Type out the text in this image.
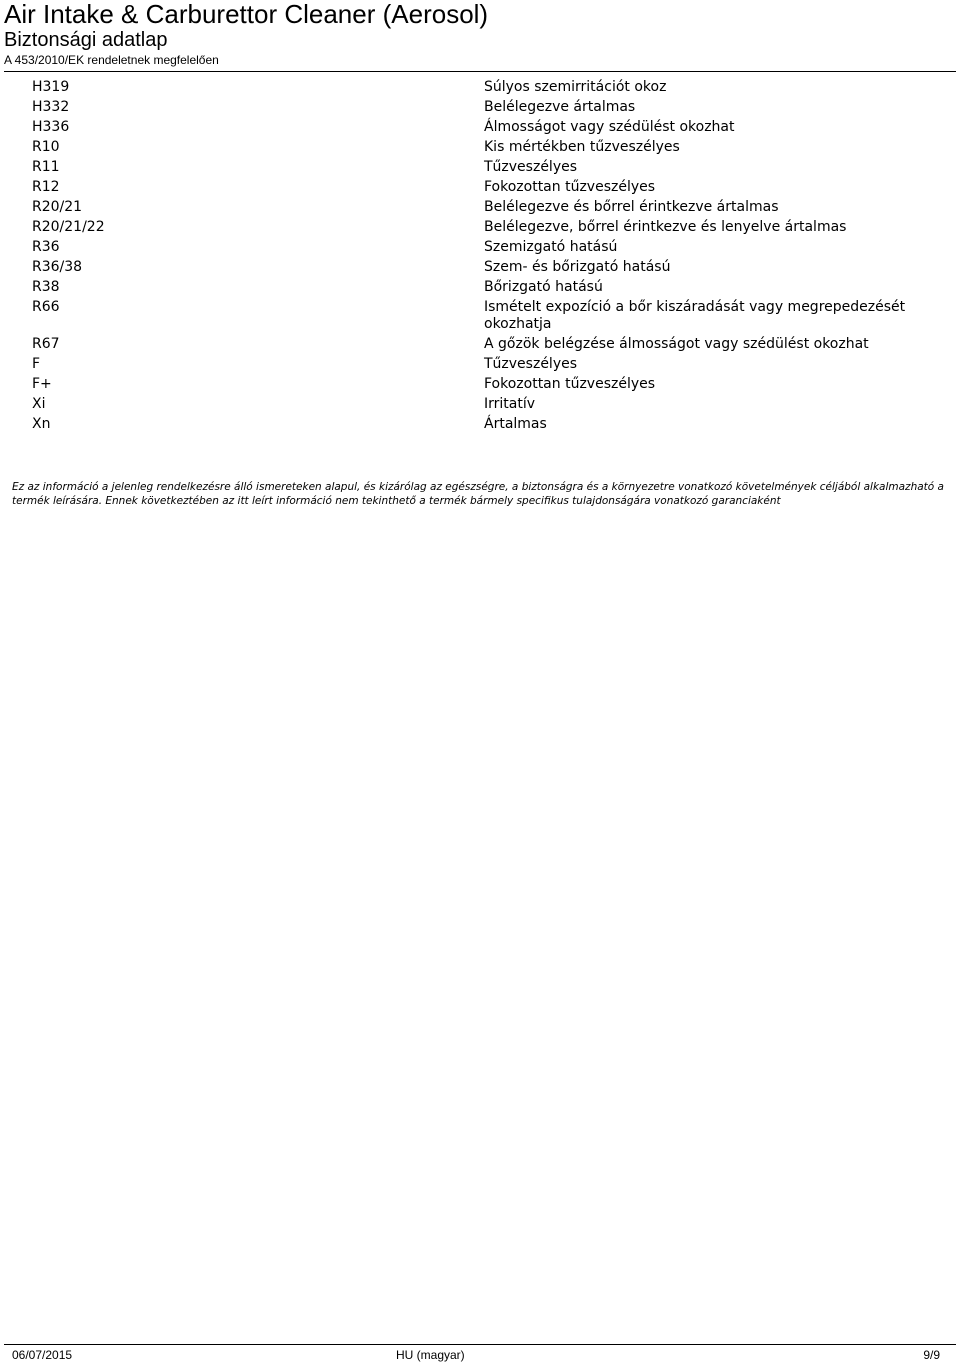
Air Intake & Carburettor Cleaner (Aerosol)
Biztonsági adatlap
A 453/2010/EK rendeletnek megfelelően
H319	Súlyos szemirritációt okoz
H332	Belélegezve ártalmas
H336	Álmosságot vagy szédülést okozhat
R10	Kis mértékben tűzveszélyes
R11	Tűzveszélyes
R12	Fokozottan tűzveszélyes
R20/21	Belélegezve és bőrrel érintkezve ártalmas
R20/21/22	Belélegezve, bőrrel érintkezve és lenyelve ártalmas
R36	Szemizgató hatású
R36/38	Szem- és bőrizgató hatású
R38	Bőrizgató hatású
R66	Ismételt expozíció a bőr kiszáradását vagy megrepedezését okozhatja
R67	A gőzök belégzése álmosságot vagy szédülést okozhat
F	Tűzveszélyes
F+	Fokozottan tűzveszélyes
Xi	Irritatív
Xn	Ártalmas
Ez az információ a jelenleg rendelkezésre álló ismereteken alapul, és kizárólag az egészségre, a biztonságra és a környezetre vonatkozó követelmények céljából alkalmazható a termék leírására. Ennek következtében az itt leírt információ nem tekinthető a termék bármely specifikus tulajdonságára vonatkozó garanciaként
06/07/2015	HU (magyar)	9/9
